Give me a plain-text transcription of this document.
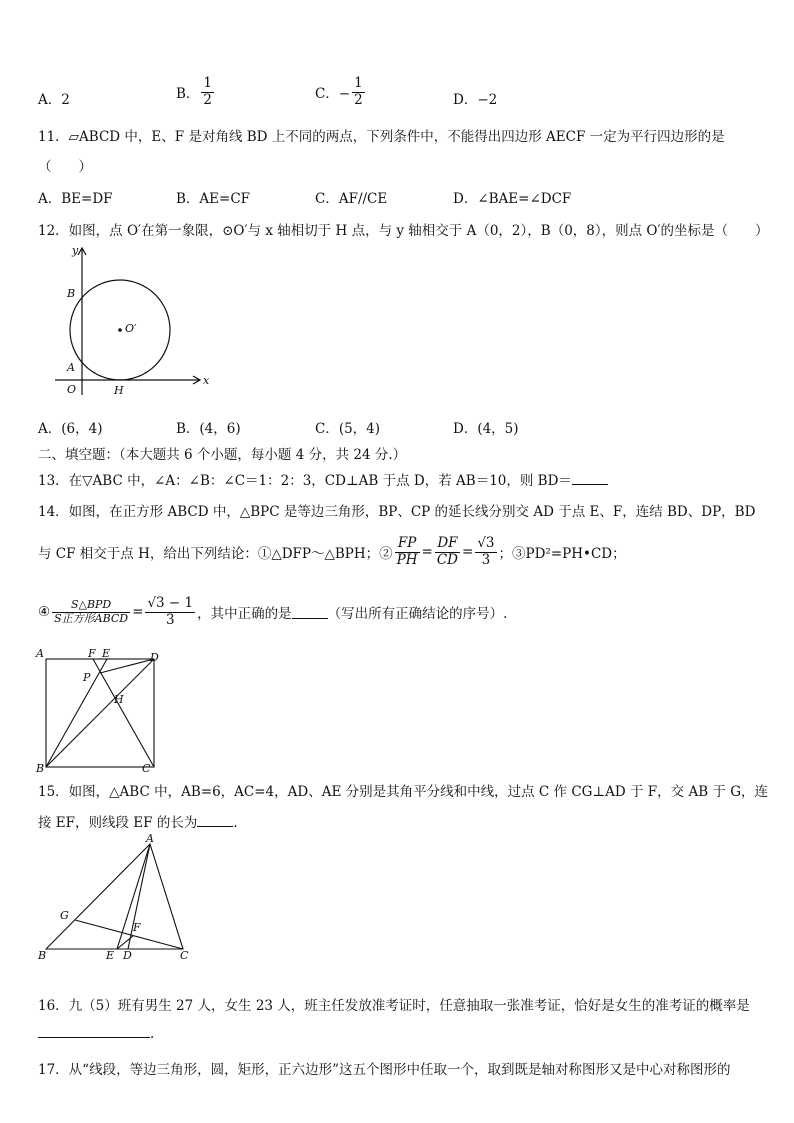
A．2	B． $\frac{1}{2}$	C．− $\frac{1}{2}$	D．−2
11．▱ABCD 中，E、F 是对角线 BD 上不同的两点，下列条件中，不能得出四边形 AECF 一定为平行四边形的是
（　　）
A．BE=DF	B．AE=CF	C．AF//CE	D．∠BAE=∠DCF
12．如图，点 O′在第一象限，⊙O′与 x 轴相切于 H 点，与 y 轴相交于 A（0，2），B（0，8），则点 O′的坐标是（　　）
y
x
B
A
O	H
O′
A．(6，4)	B．(4，6)	C．(5，4)	D．(4，5)
二、填空题：（本大题共 6 个小题，每小题 4 分，共 24 分.）
13．在▽ABC 中，∠A：∠B：∠C＝1：2：3，CD⊥AB 于点 D，若 AB＝10，则 BD＝
14．如图，在正方形 ABCD 中，△BPC 是等边三角形，BP、CP 的延长线分别交 AD 于点 E、F，连结 BD、DP，BD
与 CF 相交于点 H，给出下列结论：①△DFP～△BPH；② $\frac{FP}{PH} = \frac{DF}{CD} = \frac{√3}{3}$ ；③PD²=PH•CD；
④ $\frac{\text{S△BPD}}{\text{S正方形ABCD}} = \frac{√3 - 1}{3}$ ，其中正确的是	（写出所有正确结论的序号）.
A	F E	D
P
H
B	C
15．如图，△ABC 中，AB=6，AC=4，AD、AE 分别是其角平分线和中线，过点 C 作 CG⊥AD 于 F，交 AB 于 G，连
接 EF，则线段 EF 的长为	.
A
G
F
B	E D	C
16．九（5）班有男生 27 人，女生 23 人，班主任发放准考证时，任意抽取一张准考证，恰好是女生的准考证的概率是
.
17．从“线段，等边三角形，圆，矩形，正六边形”这五个图形中任取一个，取到既是轴对称图形又是中心对称图形的
